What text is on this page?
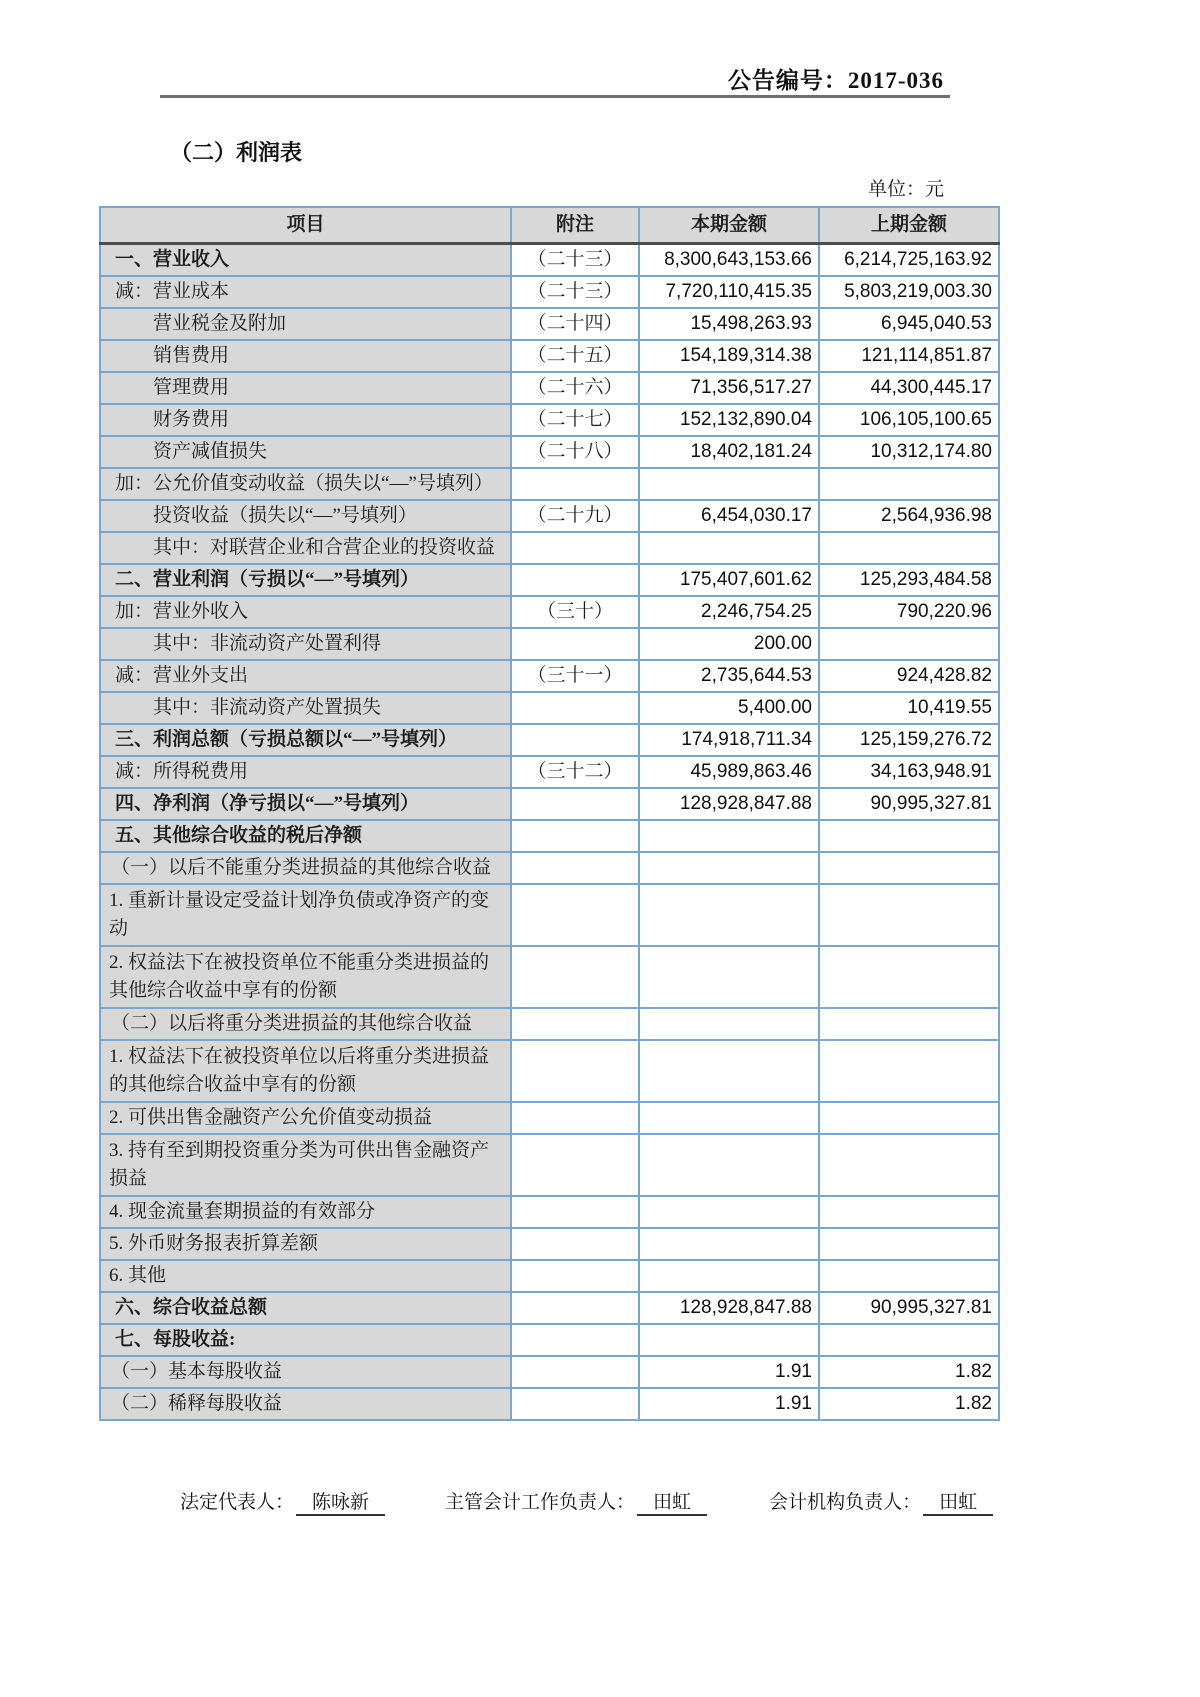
公告编号：2017-036
（二）利润表
单位：元
项目	附注	本期金额	上期金额
一、营业收入	（二十三）	8,300,643,153.66	6,214,725,163.92
减：营业成本	（二十三）	7,720,110,415.35	5,803,219,003.30
营业税金及附加	（二十四）	15,498,263.93	6,945,040.53
销售费用	（二十五）	154,189,314.38	121,114,851.87
管理费用	（二十六）	71,356,517.27	44,300,445.17
财务费用	（二十七）	152,132,890.04	106,105,100.65
资产减值损失	（二十八）	18,402,181.24	10,312,174.80
加：公允价值变动收益（损失以“—”号填列）			
投资收益（损失以“—”号填列）	（二十九）	6,454,030.17	2,564,936.98
其中：对联营企业和合营企业的投资收益			
二、营业利润（亏损以“—”号填列）		175,407,601.62	125,293,484.58
加：营业外收入	（三十）	2,246,754.25	790,220.96
其中：非流动资产处置利得		200.00	
减：营业外支出	（三十一）	2,735,644.53	924,428.82
其中：非流动资产处置损失		5,400.00	10,419.55
三、利润总额（亏损总额以“—”号填列）		174,918,711.34	125,159,276.72
减：所得税费用	（三十二）	45,989,863.46	34,163,948.91
四、净利润（净亏损以“—”号填列）		128,928,847.88	90,995,327.81
五、其他综合收益的税后净额			
（一）以后不能重分类进损益的其他综合收益			
1. 重新计量设定受益计划净负债或净资产的变动			
2. 权益法下在被投资单位不能重分类进损益的其他综合收益中享有的份额			
（二）以后将重分类进损益的其他综合收益			
1. 权益法下在被投资单位以后将重分类进损益的其他综合收益中享有的份额			
2. 可供出售金融资产公允价值变动损益			
3. 持有至到期投资重分类为可供出售金融资产损益			
4. 现金流量套期损益的有效部分			
5. 外币财务报表折算差额			
6. 其他			
六、综合收益总额		128,928,847.88	90,995,327.81
七、每股收益:			
（一）基本每股收益		1.91	1.82
（二）稀释每股收益		1.91	1.82
法定代表人： 陈咏新	主管会计工作负责人： 田虹	会计机构负责人： 田虹
